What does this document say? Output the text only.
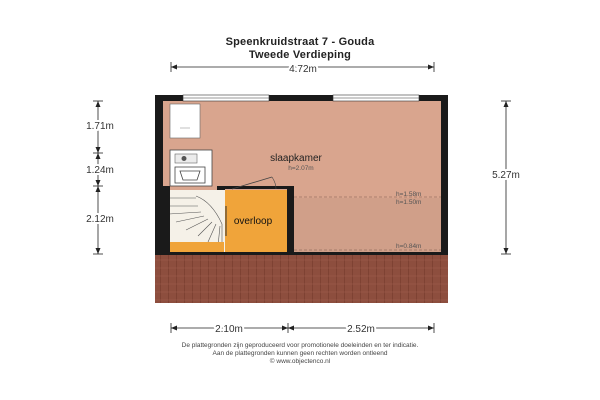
Speenkruidstraat 7 - Gouda
Tweede Verdieping
4.72m
1.71m
1.24m
2.12m
5.27m
slaapkamer
h=2.07m
overloop
h=1.58m
h=1.50m
h=0.84m
2.10m	2.52m
De plattegronden zijn geproduceerd voor promotionele doeleinden en ter indicatie.
Aan de plattegronden kunnen geen rechten worden ontleend
© www.objectenco.nl
